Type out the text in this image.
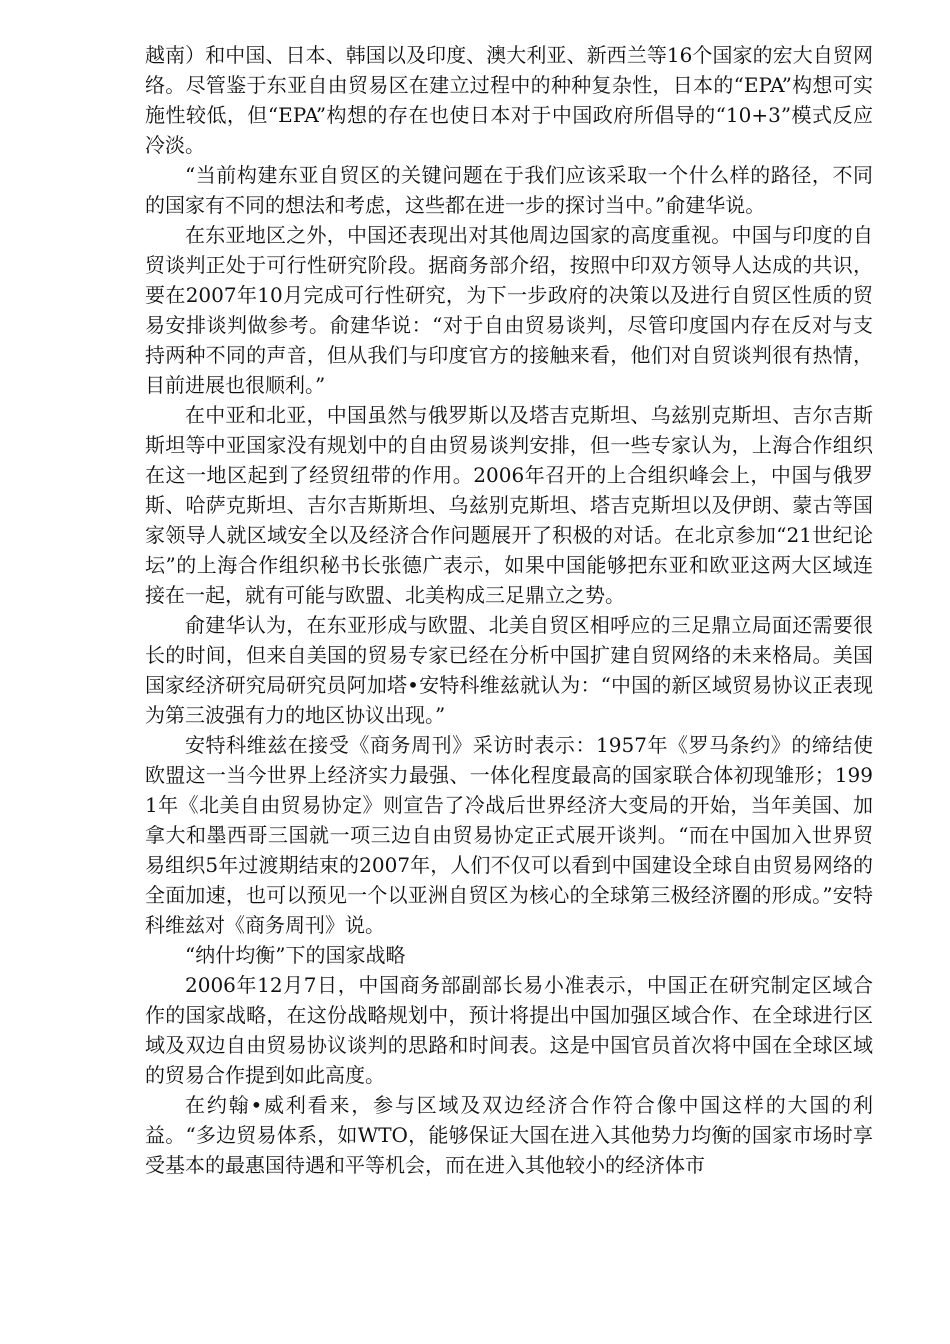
越南）和中国、日本、韩国以及印度、澳大利亚、新西兰等16个国家的宏大自贸网络。尽管鉴于东亚自由贸易区在建立过程中的种种复杂性，日本的“EPA”构想可实施性较低，但“EPA”构想的存在也使日本对于中国政府所倡导的“10+3”模式反应冷淡。

“当前构建东亚自贸区的关键问题在于我们应该采取一个什么样的路径，不同的国家有不同的想法和考虑，这些都在进一步的探讨当中。”俞建华说。

在东亚地区之外，中国还表现出对其他周边国家的高度重视。中国与印度的自贸谈判正处于可行性研究阶段。据商务部介绍，按照中印双方领导人达成的共识，要在2007年10月完成可行性研究，为下一步政府的决策以及进行自贸区性质的贸易安排谈判做参考。俞建华说：“对于自由贸易谈判，尽管印度国内存在反对与支持两种不同的声音，但从我们与印度官方的接触来看，他们对自贸谈判很有热情，目前进展也很顺利。”

在中亚和北亚，中国虽然与俄罗斯以及塔吉克斯坦、乌兹别克斯坦、吉尔吉斯斯坦等中亚国家没有规划中的自由贸易谈判安排，但一些专家认为，上海合作组织在这一地区起到了经贸纽带的作用。2006年召开的上合组织峰会上，中国与俄罗斯、哈萨克斯坦、吉尔吉斯斯坦、乌兹别克斯坦、塔吉克斯坦以及伊朗、蒙古等国家领导人就区域安全以及经济合作问题展开了积极的对话。在北京参加“21世纪论坛”的上海合作组织秘书长张德广表示，如果中国能够把东亚和欧亚这两大区域连接在一起，就有可能与欧盟、北美构成三足鼎立之势。

俞建华认为，在东亚形成与欧盟、北美自贸区相呼应的三足鼎立局面还需要很长的时间，但来自美国的贸易专家已经在分析中国扩建自贸网络的未来格局。美国国家经济研究局研究员阿加塔•安特科维兹就认为：“中国的新区域贸易协议正表现为第三波强有力的地区协议出现。”

安特科维兹在接受《商务周刊》采访时表示：1957年《罗马条约》的缔结使欧盟这一当今世界上经济实力最强、一体化程度最高的国家联合体初现雏形；1991年《北美自由贸易协定》则宣告了冷战后世界经济大变局的开始，当年美国、加拿大和墨西哥三国就一项三边自由贸易协定正式展开谈判。“而在中国加入世界贸易组织5年过渡期结束的2007年，人们不仅可以看到中国建设全球自由贸易网络的全面加速，也可以预见一个以亚洲自贸区为核心的全球第三极经济圈的形成。”安特科维兹对《商务周刊》说。

“纳什均衡”下的国家战略

2006年12月7日，中国商务部副部长易小准表示，中国正在研究制定区域合作的国家战略，在这份战略规划中，预计将提出中国加强区域合作、在全球进行区域及双边自由贸易协议谈判的思路和时间表。这是中国官员首次将中国在全球区域的贸易合作提到如此高度。

在约翰•威利看来，参与区域及双边经济合作符合像中国这样的大国的利益。“多边贸易体系，如WTO，能够保证大国在进入其他势力均衡的国家市场时享受基本的最惠国待遇和平等机会，而在进入其他较小的经济体市
